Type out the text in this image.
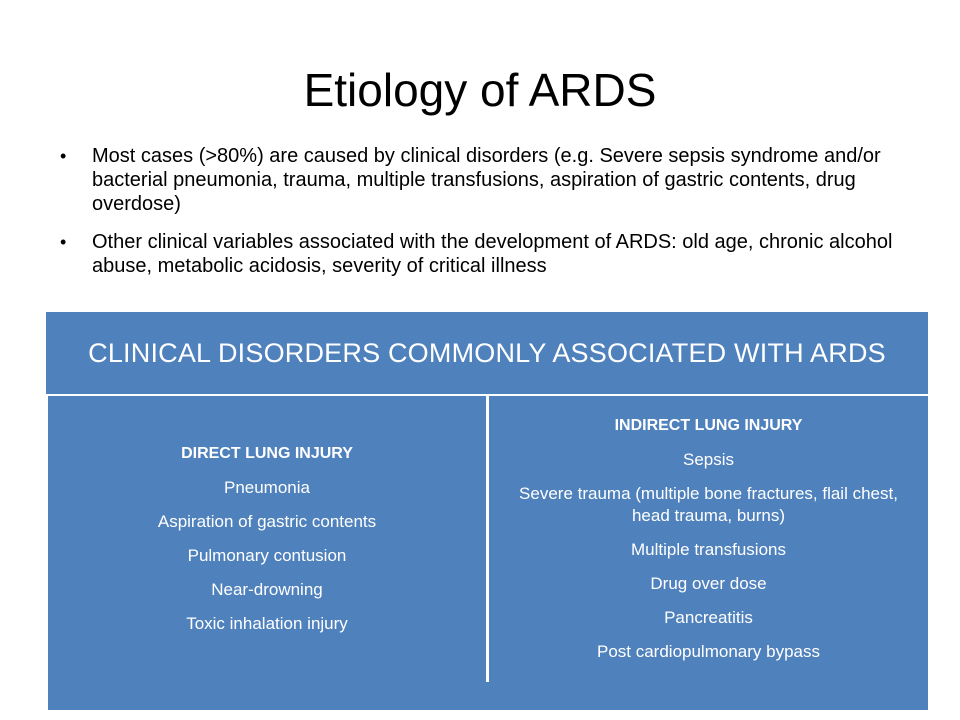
Etiology of ARDS
• Most cases (>80%) are caused by clinical disorders (e.g. Severe sepsis syndrome and/or bacterial pneumonia, trauma, multiple transfusions, aspiration of gastric contents, drug overdose)
• Other clinical variables associated with the development of ARDS: old age, chronic alcohol abuse, metabolic acidosis, severity of critical illness
CLINICAL DISORDERS COMMONLY ASSOCIATED WITH ARDS
DIRECT LUNG INJURY
Pneumonia
Aspiration of gastric contents
Pulmonary contusion
Near-drowning
Toxic inhalation injury
INDIRECT LUNG INJURY
Sepsis
Severe trauma (multiple bone fractures, flail chest, head trauma, burns)
Multiple transfusions
Drug over dose
Pancreatitis
Post cardiopulmonary bypass
